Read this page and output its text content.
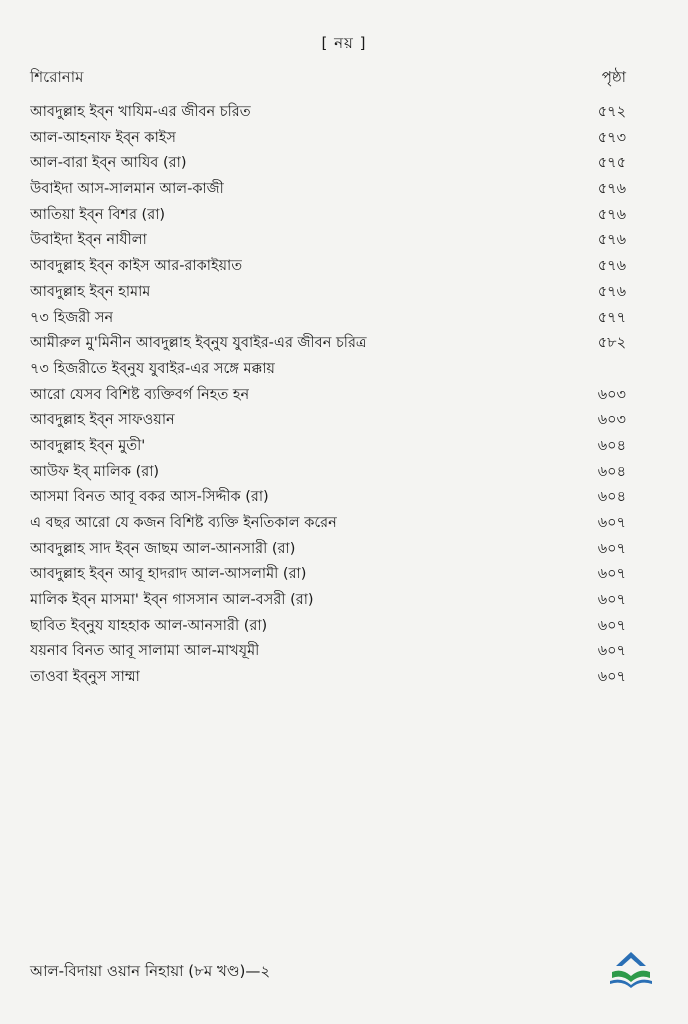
[ নয় ]
শিরোনাম	পৃষ্ঠা
আবদুল্লাহ ইব্‌ন খাযিম-এর জীবন চরিত	৫৭২
আল-আহনাফ ইব্‌ন কাইস	৫৭৩
আল-বারা ইব্‌ন আযিব (রা)	৫৭৫
উবাইদা আস-সালমান আল-কাজী	৫৭৬
আতিয়া ইব্‌ন বিশর (রা)	৫৭৬
উবাইদা ইব্‌ন নাযীলা	৫৭৬
আবদুল্লাহ ইব্‌ন কাইস আর-রাকাইয়াত	৫৭৬
আবদুল্লাহ ইব্‌ন হামাম	৫৭৬
৭৩ হিজরী সন	৫৭৭
আমীরুল মু'মিনীন আবদুল্লাহ ইব্‌নুয যুবাইর-এর জীবন চরিত্র	৫৮২
৭৩ হিজরীতে ইব্‌নুয যুবাইর-এর সঙ্গে মক্কায়
আরো যেসব বিশিষ্ট ব্যক্তিবর্গ নিহত হন	৬০৩
আবদুল্লাহ ইব্‌ন সাফওয়ান	৬০৩
আবদুল্লাহ ইব্‌ন মুতী'	৬০৪
আউফ ইব্‌ মালিক (রা)	৬০৪
আসমা বিনত আবূ বকর আস-সিদ্দীক (রা)	৬০৪
এ বছর আরো যে কজন বিশিষ্ট ব্যক্তি ইনতিকাল করেন	৬০৭
আবদুল্লাহ সাদ ইব্‌ন জাছম আল-আনসারী (রা)	৬০৭
আবদুল্লাহ ইব্‌ন আবূ হাদরাদ আল-আসলামী (রা)	৬০৭
মালিক ইব্‌ন মাসমা' ইব্‌ন গাসসান আল-বসরী (রা)	৬০৭
ছাবিত ইব্‌নুয যাহহাক আল-আনসারী (রা)	৬০৭
যয়নাব বিনত আবূ সালামা আল-মাখযূমী	৬০৭
তাওবা ইব্‌নুস সাম্মা	৬০৭
আল-বিদায়া ওয়ান নিহায়া (৮ম খণ্ড)—২
